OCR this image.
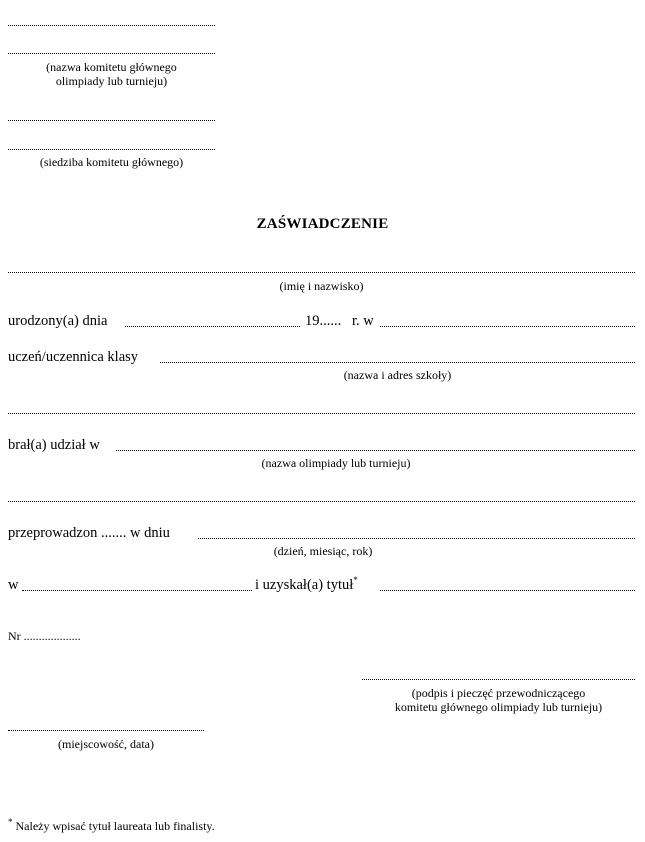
(nazwa komitetu głównego
olimpiady lub turnieju)
(siedziba komitetu głównego)
ZAŚWIADCZENIE
(imię i nazwisko)
urodzony(a) dnia	19...... r. w
uczeń/uczennica klasy
(nazwa i adres szkoły)
brał(a) udział w
(nazwa olimpiady lub turnieju)
przeprowadzon ....... w dniu
(dzień, miesiąc, rok)
w	i uzyskał(a) tytuł*
Nr ...................
(podpis i pieczęć przewodniczącego
komitetu głównego olimpiady lub turnieju)
(miejscowość, data)
* Należy wpisać tytuł laureata lub finalisty.
